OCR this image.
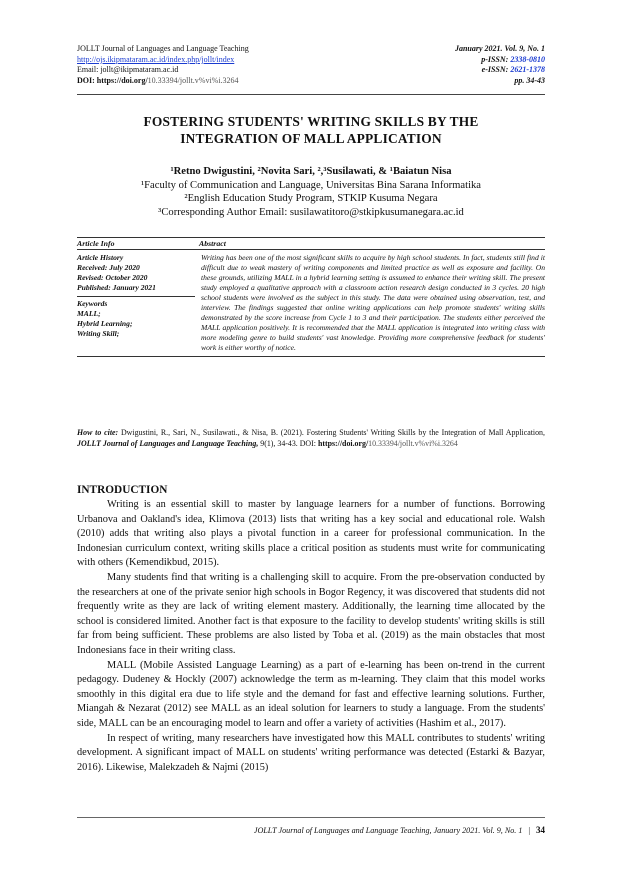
JOLLT Journal of Languages and Language Teaching	January 2021. Vol. 9, No. 1
http://ojs.ikipmataram.ac.id/index.php/jollt/index	p-ISSN: 2338-0810
Email: jollt@ikipmataram.ac.id	e-ISSN: 2621-1378
DOI: https://doi.org/10.33394/jollt.v%vi%i.3264	pp. 34-43
FOSTERING STUDENTS' WRITING SKILLS BY THE
INTEGRATION OF MALL APPLICATION
¹Retno Dwigustini, ²Novita Sari, ²,³Susilawati, & ¹Baiatun Nisa
¹Faculty of Communication and Language, Universitas Bina Sarana Informatika
²English Education Study Program, STKIP Kusuma Negara
³Corresponding Author Email: susilawatitoro@stkipkusumanegara.ac.id
Article Info	Abstract
Article History
Received: July 2020
Revised: October 2020
Published: January 2021
Keywords
MALL;
Hybrid Learning;
Writing Skill;
Writing has been one of the most significant skills to acquire by high school students. In fact, students still find it difficult due to weak mastery of writing components and limited practice as well as exposure and facility. On these grounds, utilizing MALL in a hybrid learning setting is assumed to enhance their writing skill. The present study employed a qualitative approach with a classroom action research design conducted in 3 cycles. 20 high school students were involved as the subject in this study. The data were obtained using observation, test, and interview. The findings suggested that online writing applications can help promote students' writing skills demonstrated by the score increase from Cycle 1 to 3 and their participation. The students either perceived the MALL application positively. It is recommended that the MALL application is integrated into writing class with more modeling genre to build students' vast knowledge. Providing more comprehensive feedback for students' work is either worthy of notice.
How to cite: Dwigustini, R., Sari, N., Susilawati., & Nisa, B. (2021). Fostering Students' Writing Skills by the Integration of Mall Application, JOLLT Journal of Languages and Language Teaching, 9(1), 34-43. DOI: https://doi.org/10.33394/jollt.v%vi%i.3264
INTRODUCTION

Writing is an essential skill to master by language learners for a number of functions. Borrowing Urbanova and Oakland's idea, Klimova (2013) lists that writing has a key social and educational role. Walsh (2010) adds that writing also plays a pivotal function in a career for professional communication. In the Indonesian curriculum context, writing skills place a critical position as students must write for communicating with others (Kemendikbud, 2015).

Many students find that writing is a challenging skill to acquire. From the pre-observation conducted by the researchers at one of the private senior high schools in Bogor Regency, it was discovered that students did not frequently write as they are lack of writing element mastery. Additionally, the learning time allocated by the school is considered limited. Another fact is that exposure to the facility to develop students' writing skills is still far from being sufficient. These problems are also listed by Toba et al. (2019) as the main obstacles that most Indonesians face in their writing class.

MALL (Mobile Assisted Language Learning) as a part of e-learning has been on-trend in the current pedagogy. Dudeney & Hockly (2007) acknowledge the term as m-learning. They claim that this model works smoothly in this digital era due to life style and the demand for fast and effective learning solutions. Further, Miangah & Nezarat (2012) see MALL as an ideal solution for learners to study a language. From the students' side, MALL can be an encouraging model to learn and offer a variety of activities (Hashim et al., 2017).

In respect of writing, many researchers have investigated how this MALL contributes to students' writing development. A significant impact of MALL on students' writing performance was detected (Estarki & Bazyar, 2016). Likewise, Malekzadeh & Najmi (2015)

JOLLT Journal of Languages and Language Teaching, January 2021. Vol. 9, No. 1 | 34
